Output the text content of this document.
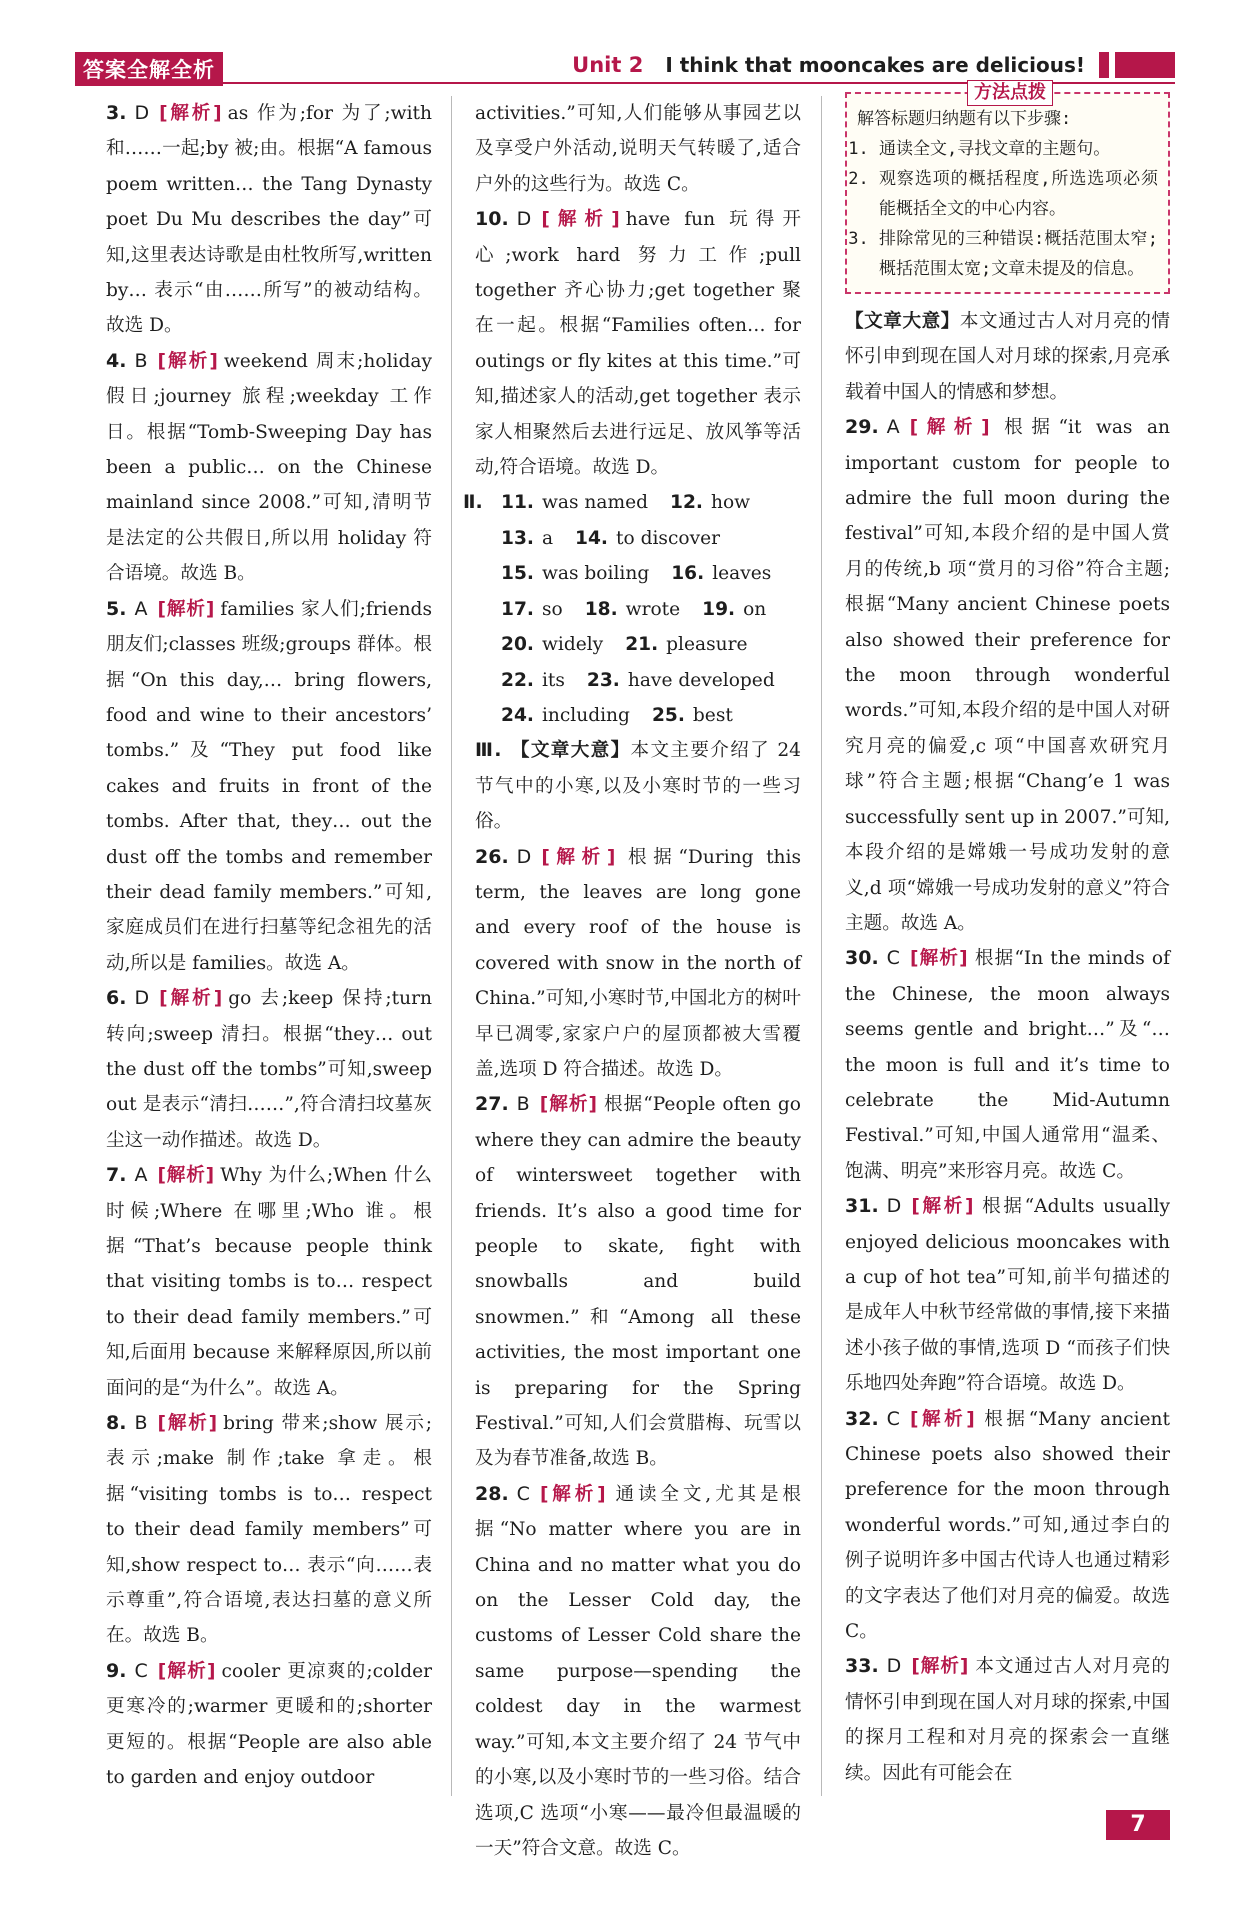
答案全解全析	Unit 2 I think that mooncakes are delicious!

3. D [解析] as 作为;for 为了;with 和……一起;by 被;由。根据“A famous poem written… the Tang Dynasty poet Du Mu describes the day”可知,这里表达诗歌是由杜牧所写,written by… 表示“由……所写”的被动结构。故选 D。

4. B [解析] weekend 周末;holiday 假日;journey 旅程;weekday 工作日。根据“Tomb-Sweeping Day has been a public… on the Chinese mainland since 2008.”可知,清明节是法定的公共假日,所以用 holiday 符合语境。故选 B。

5. A [解析] families 家人们;friends 朋友们;classes 班级;groups 群体。根据“On this day,… bring flowers, food and wine to their ancestors’ tombs.”及“They put food like cakes and fruits in front of the tombs. After that, they… out the dust off the tombs and remember their dead family members.”可知,家庭成员们在进行扫墓等纪念祖先的活动,所以是 families。故选 A。

6. D [解析] go 去;keep 保持;turn 转向;sweep 清扫。根据“they… out the dust off the tombs”可知,sweep out 是表示“清扫……”,符合清扫坟墓灰尘这一动作描述。故选 D。

7. A [解析] Why 为什么;When 什么时候;Where 在哪里;Who 谁。根据“That’s because people think that visiting tombs is to… respect to their dead family members.”可知,后面用 because 来解释原因,所以前面问的是“为什么”。故选 A。

8. B [解析] bring 带来;show 展示;表示;make 制作;take 拿走。根据“visiting tombs is to… respect to their dead family members”可知,show respect to… 表示“向……表示尊重”,符合语境,表达扫墓的意义所在。故选 B。

9. C [解析] cooler 更凉爽的;colder 更寒冷的;warmer 更暖和的;shorter 更短的。根据“People are also able to garden and enjoy outdoor

activities.”可知,人们能够从事园艺以及享受户外活动,说明天气转暖了,适合户外的这些行为。故选 C。

10. D [解析] have fun 玩得开心;work hard 努力工作;pull together 齐心协力;get together 聚在一起。根据“Families often… for outings or fly kites at this time.”可知,描述家人的活动,get together 表示家人相聚然后去进行远足、放风筝等活动,符合语境。故选 D。

Ⅱ. 11. was named 12. how
13. a 14. to discover
15. was boiling 16. leaves
17. so 18. wrote 19. on
20. widely 21. pleasure
22. its 23. have developed
24. including 25. best

Ⅲ. 【文章大意】本文主要介绍了 24 节气中的小寒,以及小寒时节的一些习俗。

26. D [解析] 根据“During this term, the leaves are long gone and every roof of the house is covered with snow in the north of China.”可知,小寒时节,中国北方的树叶早已凋零,家家户户的屋顶都被大雪覆盖,选项 D 符合描述。故选 D。

27. B [解析] 根据“People often go where they can admire the beauty of wintersweet together with friends. It’s also a good time for people to skate, fight with snowballs and build snowmen.”和“Among all these activities, the most important one is preparing for the Spring Festival.”可知,人们会赏腊梅、玩雪以及为春节准备,故选 B。

28. C [解析] 通读全文,尤其是根据“No matter where you are in China and no matter what you do on the Lesser Cold day, the customs of Lesser Cold share the same purpose—spending the coldest day in the warmest way.”可知,本文主要介绍了 24 节气中的小寒,以及小寒时节的一些习俗。结合选项,C 选项“小寒——最冷但最温暖的一天”符合文意。故选 C。

方法点拨
解答标题归纳题有以下步骤:
1. 通读全文,寻找文章的主题句。
2. 观察选项的概括程度,所选选项必须能概括全文的中心内容。
3. 排除常见的三种错误:概括范围太窄;概括范围太宽;文章未提及的信息。

【文章大意】本文通过古人对月亮的情怀引申到现在国人对月球的探索,月亮承载着中国人的情感和梦想。

29. A [解析] 根据“it was an important custom for people to admire the full moon during the festival”可知,本段介绍的是中国人赏月的传统,b 项“赏月的习俗”符合主题;根据“Many ancient Chinese poets also showed their preference for the moon through wonderful words.”可知,本段介绍的是中国人对研究月亮的偏爱,c 项“中国喜欢研究月球”符合主题;根据“Chang’e 1 was successfully sent up in 2007.”可知,本段介绍的是嫦娥一号成功发射的意义,d 项“嫦娥一号成功发射的意义”符合主题。故选 A。

30. C [解析] 根据“In the minds of the Chinese, the moon always seems gentle and bright…”及“… the moon is full and it’s time to celebrate the Mid-Autumn Festival.”可知,中国人通常用“温柔、饱满、明亮”来形容月亮。故选 C。

31. D [解析] 根据“Adults usually enjoyed delicious mooncakes with a cup of hot tea”可知,前半句描述的是成年人中秋节经常做的事情,接下来描述小孩子做的事情,选项 D “而孩子们快乐地四处奔跑”符合语境。故选 D。

32. C [解析] 根据“Many ancient Chinese poets also showed their preference for the moon through wonderful words.”可知,通过李白的例子说明许多中国古代诗人也通过精彩的文字表达了他们对月亮的偏爱。故选 C。

33. D [解析] 本文通过古人对月亮的情怀引申到现在国人对月球的探索,中国的探月工程和对月亮的探索会一直继续。因此有可能会在

7
